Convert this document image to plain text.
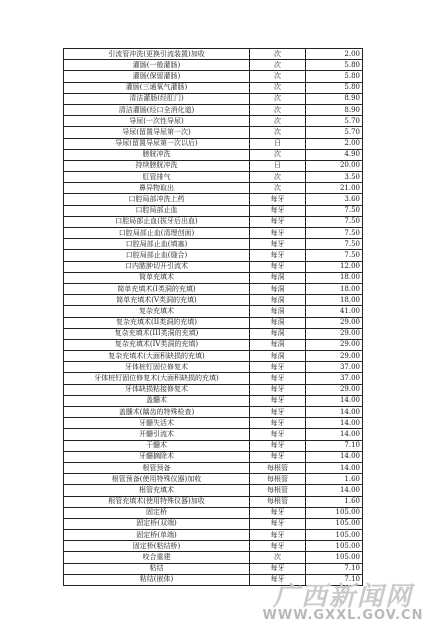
引流管冲洗(更换引流装置)加收	次	2.00
灌肠(一般灌肠)	次	5.80
灌肠(保留灌肠)	次	5.80
灌肠(三通氧气灌肠)	次	5.80
清洁灌肠(经肛门)	次	8.90
清洁灌肠(经口全消化道)	次	8.90
导尿(一次性导尿)	次	5.70
导尿(留置导尿第一次)	次	5.70
导尿(留置导尿第一次以后)	日	2.00
膀胱冲洗	次	4.90
持续膀胱冲洗	日	20.00
肛管排气	次	3.50
鼻异物取出	次	21.00
口腔局部冲洗上药	每牙	3.60
口腔局部止血	每牙	7.50
口腔局部止血(拔牙后出血)	每牙	7.50
口腔局部止血(清理创面)	每牙	7.50
口腔局部止血(填塞)	每牙	7.50
口腔局部止血(缝合)	每牙	7.50
口内脓肿切开引流术	每牙	12.00
简单充填术	每洞	18.00
简单充填术(I类洞的充填)	每洞	18.00
简单充填术(V类洞的充填)	每洞	18.00
复杂充填术	每洞	41.00
复杂充填术(II类洞的充填)	每洞	29.00
复杂充填术(III类洞的充填)	每洞	29.00
复杂充填术(IV类洞的充填)	每洞	29.00
复杂充填术(大面积缺损的充填)	每洞	29.00
牙体桩钉固位修复术	每牙	37.00
牙体桩钉固位修复术(大面积缺损的充填)	每牙	37.00
牙体缺损粘接修复术	每牙	29.00
盖髓术	每牙	14.00
盖髓术(龋齿的特殊检查)	每牙	14.00
牙髓失活术	每牙	14.00
开髓引流术	每牙	14.00
干髓术	每牙	7.10
牙髓摘除术	每牙	14.00
根管预备	每根管	14.00
根管预备(使用特殊仪器)加收	每根管	1.60
根管充填术	每根管	14.00
根管充填术(使用特殊仪器)加收	每根管	1.60
固定桥	每牙	105.00
固定桥(双端)	每牙	105.00
固定桥(单端)	每牙	105.00
固定桥(粘结桥)	每牙	105.00
咬合重建	次	105.00
粘结	每牙	7.10
粘结(嵌体)	每牙	7.10
广西新闻网
WWW.GXXL.GOV.CN
